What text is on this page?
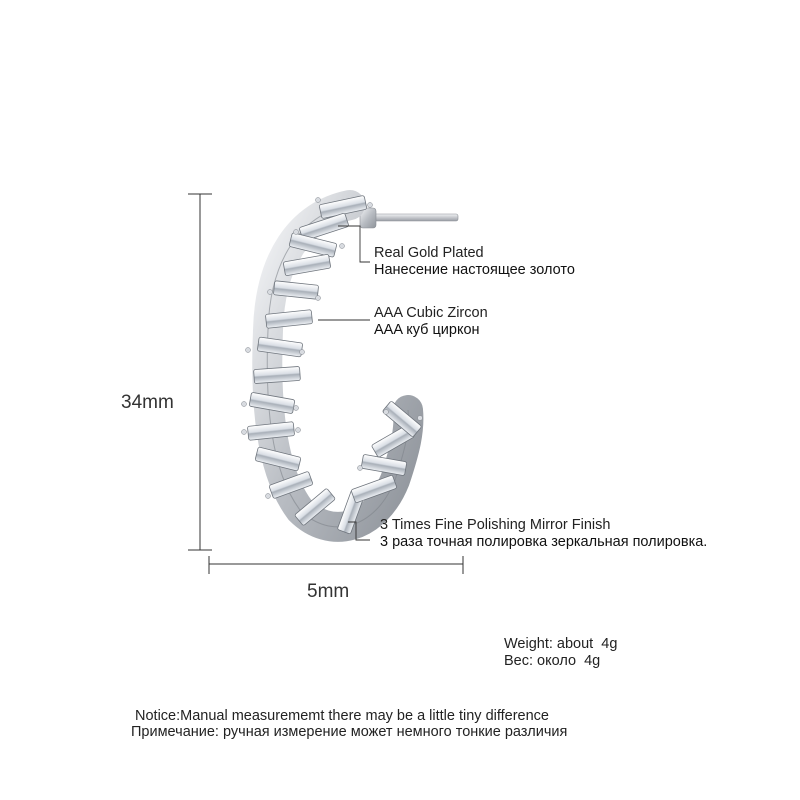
34mm
5mm
Real Gold Plated
Нанесение настоящее золото
AAA Cubic Zircon
AAA куб циркон
3 Times Fine Polishing Mirror Finish
3 раза точная полировка зеркальная полировка.
Weight: about  4g
Вес: около  4g
Notice:Manual measurememt there may be a little tiny difference
Примечание: ручная измерение может немного тонкие различия
